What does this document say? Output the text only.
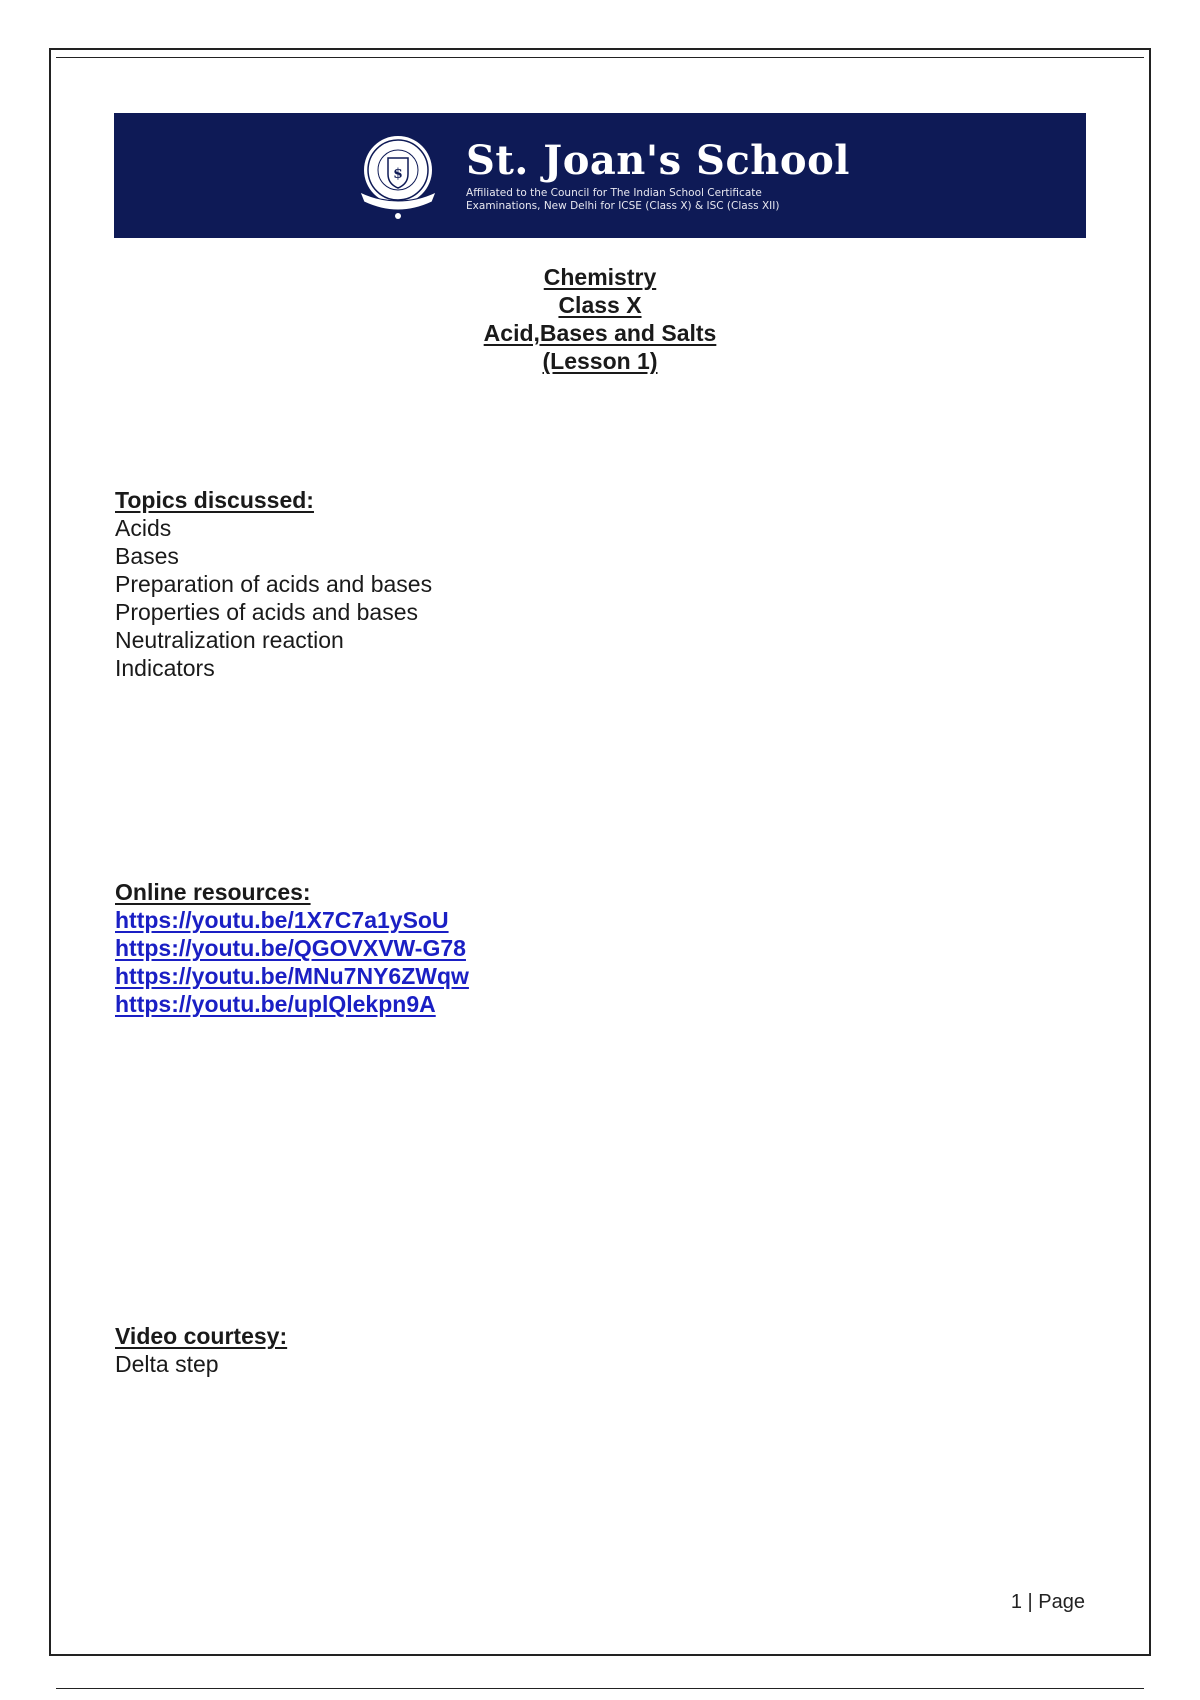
$ St. Joan's School
Affiliated to the Council for The Indian School Certificate
Examinations, New Delhi for ICSE (Class X) & ISC (Class XII)
Chemistry
Class X
Acid,Bases and Salts
(Lesson 1)
Topics discussed:
Acids
Bases
Preparation of acids and bases
Properties of acids and bases
Neutralization reaction
Indicators
Online resources:
https://youtu.be/1X7C7a1ySoU
https://youtu.be/QGOVXVW-G78
https://youtu.be/MNu7NY6ZWqw
https://youtu.be/uplQlekpn9A
Video courtesy:
Delta step
1 | Page
